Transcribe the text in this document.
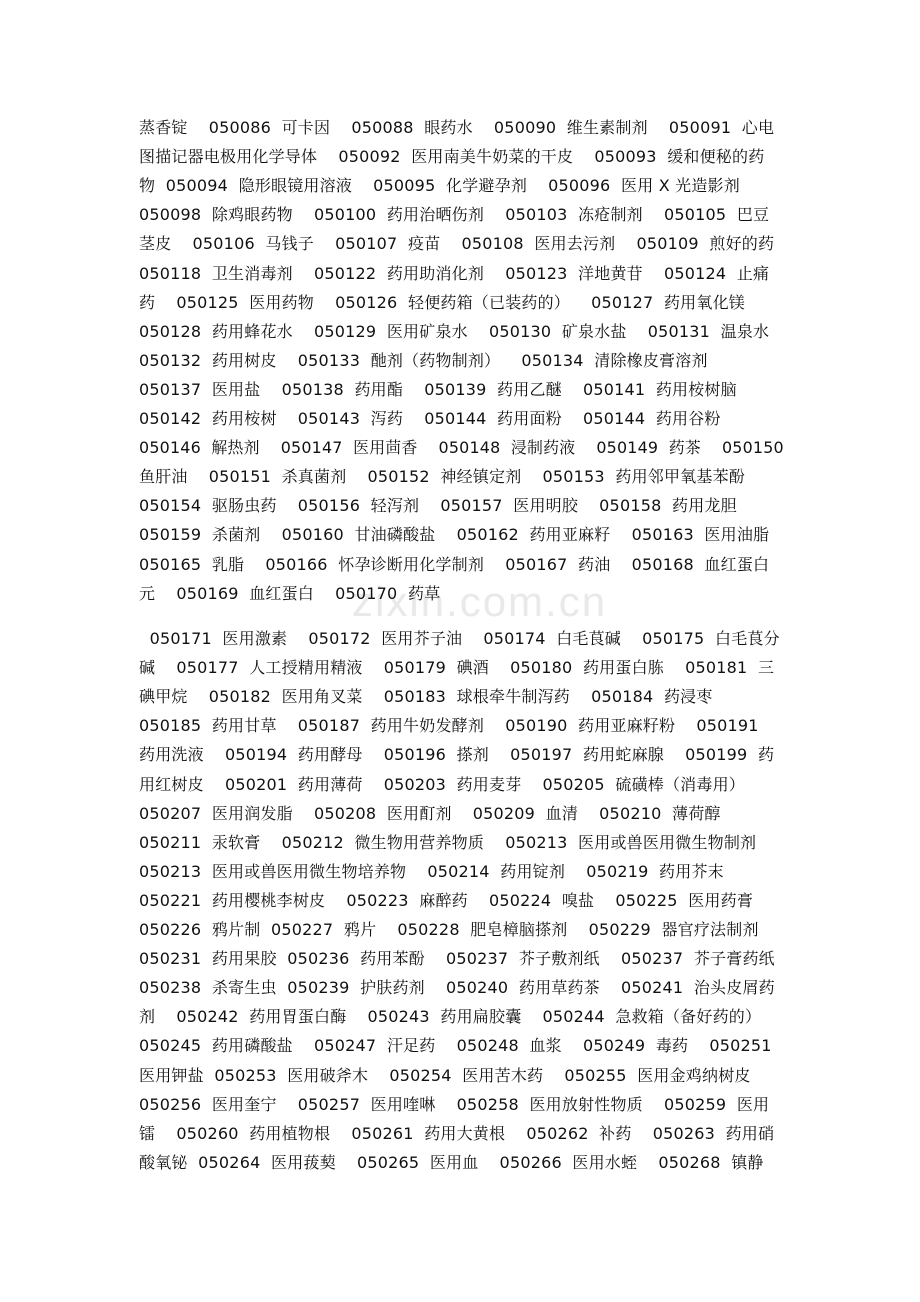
zixin.com.cn
蒸香锭    050086  可卡因    050088  眼药水    050090  维生素制剂    050091  心电
图描记器电极用化学导体    050092  医用南美牛奶菜的干皮    050093  缓和便秘的药
物  050094  隐形眼镜用溶液    050095  化学避孕剂    050096  医用 X 光造影剂
050098  除鸡眼药物    050100  药用治晒伤剂    050103  冻疮制剂    050105  巴豆
茎皮    050106  马钱子    050107  疫苗    050108  医用去污剂    050109  煎好的药
050118  卫生消毒剂    050122  药用助消化剂    050123  洋地黄苷    050124  止痛
药    050125  医用药物    050126  轻便药箱（已装药的）    050127  药用氧化镁
050128  药用蜂花水    050129  医用矿泉水    050130  矿泉水盐    050131  温泉水
050132  药用树皮    050133  酏剂（药物制剂）    050134  清除橡皮膏溶剂
050137  医用盐    050138  药用酯    050139  药用乙醚    050141  药用桉树脑
050142  药用桉树    050143  泻药    050144  药用面粉    050144  药用谷粉
050146  解热剂    050147  医用茴香    050148  浸制药液    050149  药茶    050150
鱼肝油    050151  杀真菌剂    050152  神经镇定剂    050153  药用邻甲氧基苯酚
050154  驱肠虫药    050156  轻泻剂    050157  医用明胶    050158  药用龙胆
050159  杀菌剂    050160  甘油磷酸盐    050162  药用亚麻籽    050163  医用油脂
050165  乳脂    050166  怀孕诊断用化学制剂    050167  药油    050168  血红蛋白
元    050169  血红蛋白    050170  药草
050171  医用激素    050172  医用芥子油    050174  白毛茛碱    050175  白毛茛分
碱    050177  人工授精用精液    050179  碘酒    050180  药用蛋白胨    050181  三
碘甲烷    050182  医用角叉菜    050183  球根牵牛制泻药    050184  药浸枣
050185  药用甘草    050187  药用牛奶发酵剂    050190  药用亚麻籽粉    050191
药用洗液    050194  药用酵母    050196  搽剂    050197  药用蛇麻腺    050199  药
用红树皮    050201  药用薄荷    050203  药用麦芽    050205  硫磺棒（消毒用）
050207  医用润发脂    050208  医用酊剂    050209  血清    050210  薄荷醇
050211  汞软膏    050212  微生物用营养物质    050213  医用或兽医用微生物制剂
050213  医用或兽医用微生物培养物    050214  药用锭剂    050219  药用芥末
050221  药用樱桃李树皮    050223  麻醉药    050224  嗅盐    050225  医用药膏
050226  鸦片制  050227  鸦片    050228  肥皂樟脑搽剂    050229  器官疗法制剂
050231  药用果胶  050236  药用苯酚    050237  芥子敷剂纸    050237  芥子膏药纸
050238  杀寄生虫  050239  护肤药剂    050240  药用草药茶    050241  治头皮屑药
剂    050242  药用胃蛋白酶    050243  药用扁胶囊    050244  急救箱（备好药的）
050245  药用磷酸盐    050247  汗足药    050248  血浆    050249  毒药    050251
医用钾盐  050253  医用破斧木    050254  医用苦木药    050255  医用金鸡纳树皮
050256  医用奎宁    050257  医用喹啉    050258  医用放射性物质    050259  医用
镭    050260  药用植物根    050261  药用大黄根    050262  补药    050263  药用硝
酸氧铋  050264  医用菝葜    050265  医用血    050266  医用水蛭    050268  镇静
